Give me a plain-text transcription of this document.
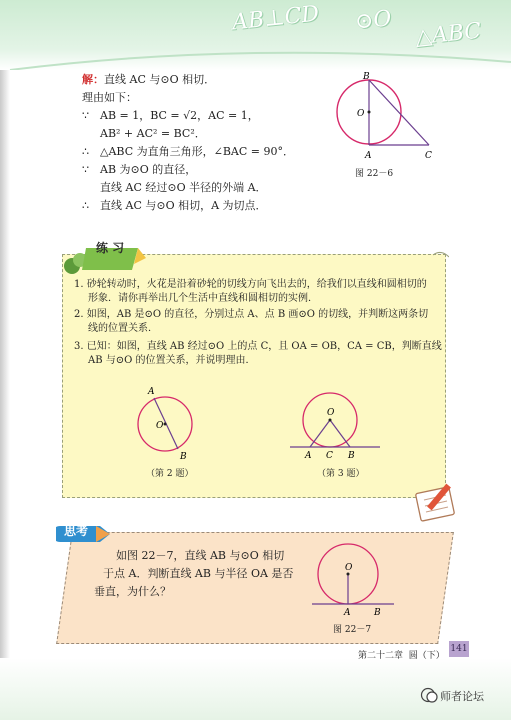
AB⊥CD ⊙O △ABC
解：直线 AC 与⊙O 相切．
理由如下：
∵ AB = 1，BC = √2，AC = 1，
AB² + AC² = BC²．
∴ △ABC 为直角三角形，∠BAC = 90°．
∵ AB 为⊙O 的直径，
直线 AC 经过⊙O 半径的外端 A．
∴ 直线 AC 与⊙O 相切，A 为切点．
B
O
A	C
图 22－6
练 习
1. 砂轮转动时，火花是沿着砂轮的切线方向飞出去的，给我们以直线和圆相切的
形象．请你再举出几个生活中直线和圆相切的实例．
2. 如图，AB 是⊙O 的直径，分别过点 A、点 B 画⊙O 的切线，并判断这两条切
线的位置关系．
3. 已知：如图，直线 AB 经过⊙O 上的点 C，且 OA = OB，CA = CB，判断直线
AB 与⊙O 的位置关系，并说明理由．
A
O
B
（第 2 题）
O
A C B
（第 3 题）
思考
如图 22－7，直线 AB 与⊙O 相切
于点 A．判断直线 AB 与半径 OA 是否
垂直，为什么？
O
A	B
图 22－7
第二十二章 圆（下）
141
师者论坛
